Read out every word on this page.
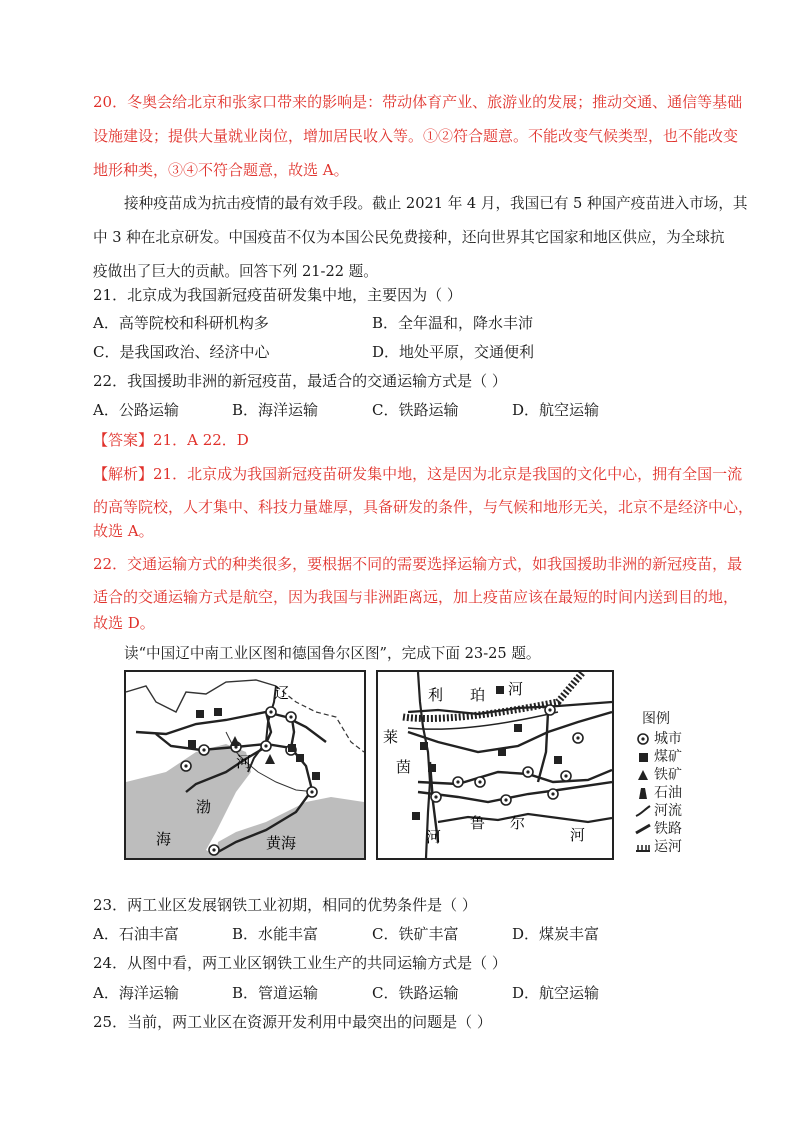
20．冬奥会给北京和张家口带来的影响是：带动体育产业、旅游业的发展；推动交通、通信等基础
设施建设；提供大量就业岗位，增加居民收入等。①②符合题意。不能改变气候类型，也不能改变
地形种类，③④不符合题意，故选 A。
接种疫苗成为抗击疫情的最有效手段。截止 2021 年 4 月，我国已有 5 种国产疫苗进入市场，其
中 3 种在北京研发。中国疫苗不仅为本国公民免费接种，还向世界其它国家和地区供应，为全球抗
疫做出了巨大的贡献。回答下列 21-22 题。
21．北京成为我国新冠疫苗研发集中地，主要因为（ ）
A．高等院校和科研机构多	B．全年温和，降水丰沛
C．是我国政治、经济中心	D．地处平原，交通便利
22．我国援助非洲的新冠疫苗，最适合的交通运输方式是（ ）
A．公路运输	B．海洋运输	C．铁路运输	D．航空运输
【答案】21．A 22．D
【解析】21．北京成为我国新冠疫苗研发集中地，这是因为北京是我国的文化中心，拥有全国一流
的高等院校，人才集中、科技力量雄厚，具备研发的条件，与气候和地形无关，北京不是经济中心，
故选 A。
22．交通运输方式的种类很多，要根据不同的需要选择运输方式，如我国援助非洲的新冠疫苗，最
适合的交通运输方式是航空，因为我国与非洲距离远，加上疫苗应该在最短的时间内送到目的地，
故选 D。
读“中国辽中南工业区图和德国鲁尔区图”，完成下面 23-25 题。
辽
河
渤
海	黄海
利 珀 河
莱
茵
河
鲁 尔
河
图例
城市
煤矿
铁矿
石油
河流
铁路
运河
23．两工业区发展钢铁工业初期，相同的优势条件是（ ）
A．石油丰富	B．水能丰富	C．铁矿丰富	D．煤炭丰富
24．从图中看，两工业区钢铁工业生产的共同运输方式是（ ）
A．海洋运输	B．管道运输	C．铁路运输	D．航空运输
25．当前，两工业区在资源开发利用中最突出的问题是（ ）
